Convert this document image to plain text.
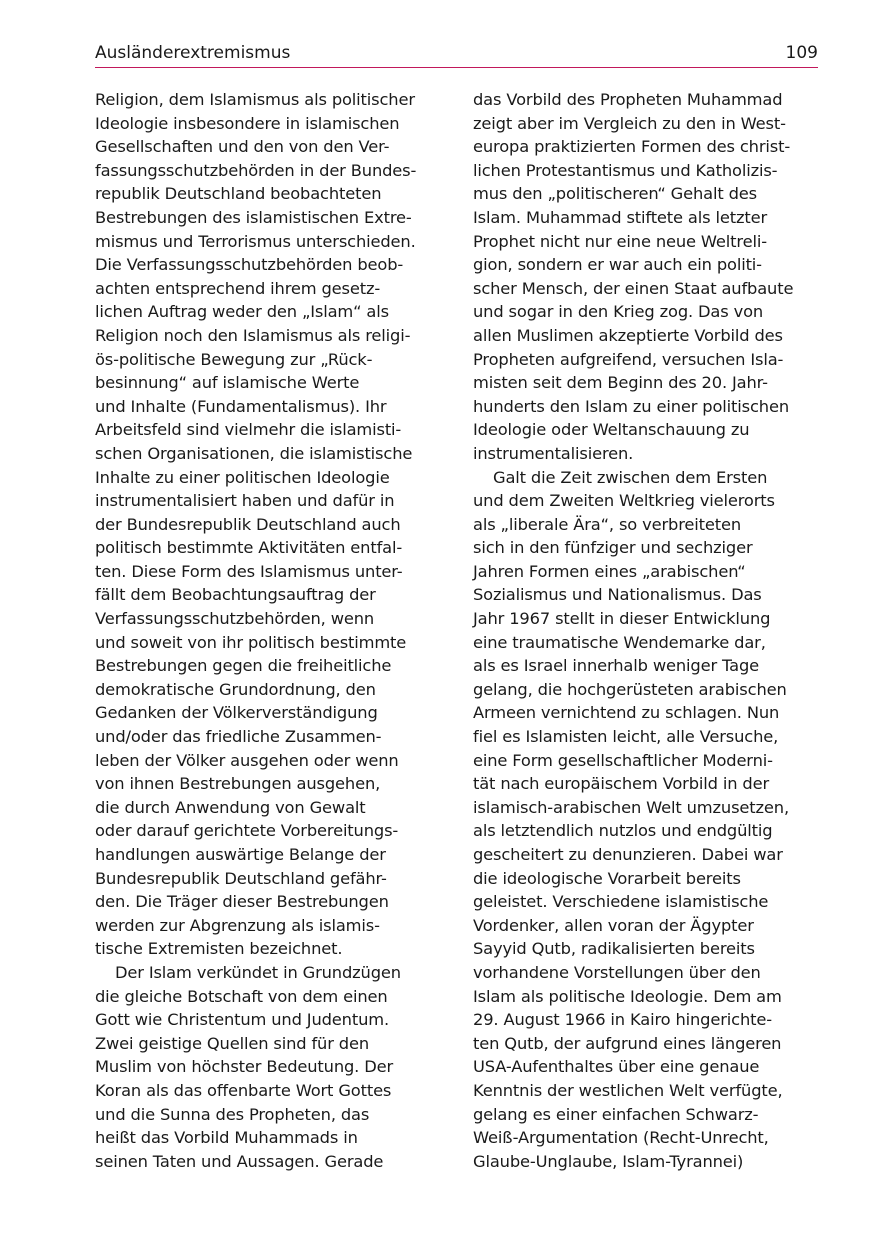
Ausländerextremismus	109
Religion, dem Islamismus als politischer
Ideologie insbesondere in islamischen
Gesellschaften und den von den Ver-
fassungsschutzbehörden in der Bundes-
republik Deutschland beobachteten
Bestrebungen des islamistischen Extre-
mismus und Terrorismus unterschieden.
Die Verfassungsschutzbehörden beob-
achten entsprechend ihrem gesetz-
lichen Auftrag weder den „Islam“ als
Religion noch den Islamismus als religi-
ös-politische Bewegung zur „Rück-
besinnung“ auf islamische Werte
und Inhalte (Fundamentalismus). Ihr
Arbeitsfeld sind vielmehr die islamisti-
schen Organisationen, die islamistische
Inhalte zu einer politischen Ideologie
instrumentalisiert haben und dafür in
der Bundesrepublik Deutschland auch
politisch bestimmte Aktivitäten entfal-
ten. Diese Form des Islamismus unter-
fällt dem Beobachtungsauftrag der
Verfassungsschutzbehörden, wenn
und soweit von ihr politisch bestimmte
Bestrebungen gegen die freiheitliche
demokratische Grundordnung, den
Gedanken der Völkerverständigung
und/oder das friedliche Zusammen-
leben der Völker ausgehen oder wenn
von ihnen Bestrebungen ausgehen,
die durch Anwendung von Gewalt
oder darauf gerichtete Vorbereitungs-
handlungen auswärtige Belange der
Bundesrepublik Deutschland gefähr-
den. Die Träger dieser Bestrebungen
werden zur Abgrenzung als islamis-
tische Extremisten bezeichnet.
Der Islam verkündet in Grundzügen
die gleiche Botschaft von dem einen
Gott wie Christentum und Judentum.
Zwei geistige Quellen sind für den
Muslim von höchster Bedeutung. Der
Koran als das offenbarte Wort Gottes
und die Sunna des Propheten, das
heißt das Vorbild Muhammads in
seinen Taten und Aussagen. Gerade
das Vorbild des Propheten Muhammad
zeigt aber im Vergleich zu den in West-
europa praktizierten Formen des christ-
lichen Protestantismus und Katholizis-
mus den „politischeren“ Gehalt des
Islam. Muhammad stiftete als letzter
Prophet nicht nur eine neue Weltreli-
gion, sondern er war auch ein politi-
scher Mensch, der einen Staat aufbaute
und sogar in den Krieg zog. Das von
allen Muslimen akzeptierte Vorbild des
Propheten aufgreifend, versuchen Isla-
misten seit dem Beginn des 20. Jahr-
hunderts den Islam zu einer politischen
Ideologie oder Weltanschauung zu
instrumentalisieren.
Galt die Zeit zwischen dem Ersten
und dem Zweiten Weltkrieg vielerorts
als „liberale Ära“, so verbreiteten
sich in den fünfziger und sechziger
Jahren Formen eines „arabischen“
Sozialismus und Nationalismus. Das
Jahr 1967 stellt in dieser Entwicklung
eine traumatische Wendemarke dar,
als es Israel innerhalb weniger Tage
gelang, die hochgerüsteten arabischen
Armeen vernichtend zu schlagen. Nun
fiel es Islamisten leicht, alle Versuche,
eine Form gesellschaftlicher Moderni-
tät nach europäischem Vorbild in der
islamisch-arabischen Welt umzusetzen,
als letztendlich nutzlos und endgültig
gescheitert zu denunzieren. Dabei war
die ideologische Vorarbeit bereits
geleistet. Verschiedene islamistische
Vordenker, allen voran der Ägypter
Sayyid Qutb, radikalisierten bereits
vorhandene Vorstellungen über den
Islam als politische Ideologie. Dem am
29. August 1966 in Kairo hingerichte-
ten Qutb, der aufgrund eines längeren
USA-Aufenthaltes über eine genaue
Kenntnis der westlichen Welt verfügte,
gelang es einer einfachen Schwarz-
Weiß-Argumentation (Recht-Unrecht,
Glaube-Unglaube, Islam-Tyrannei)
